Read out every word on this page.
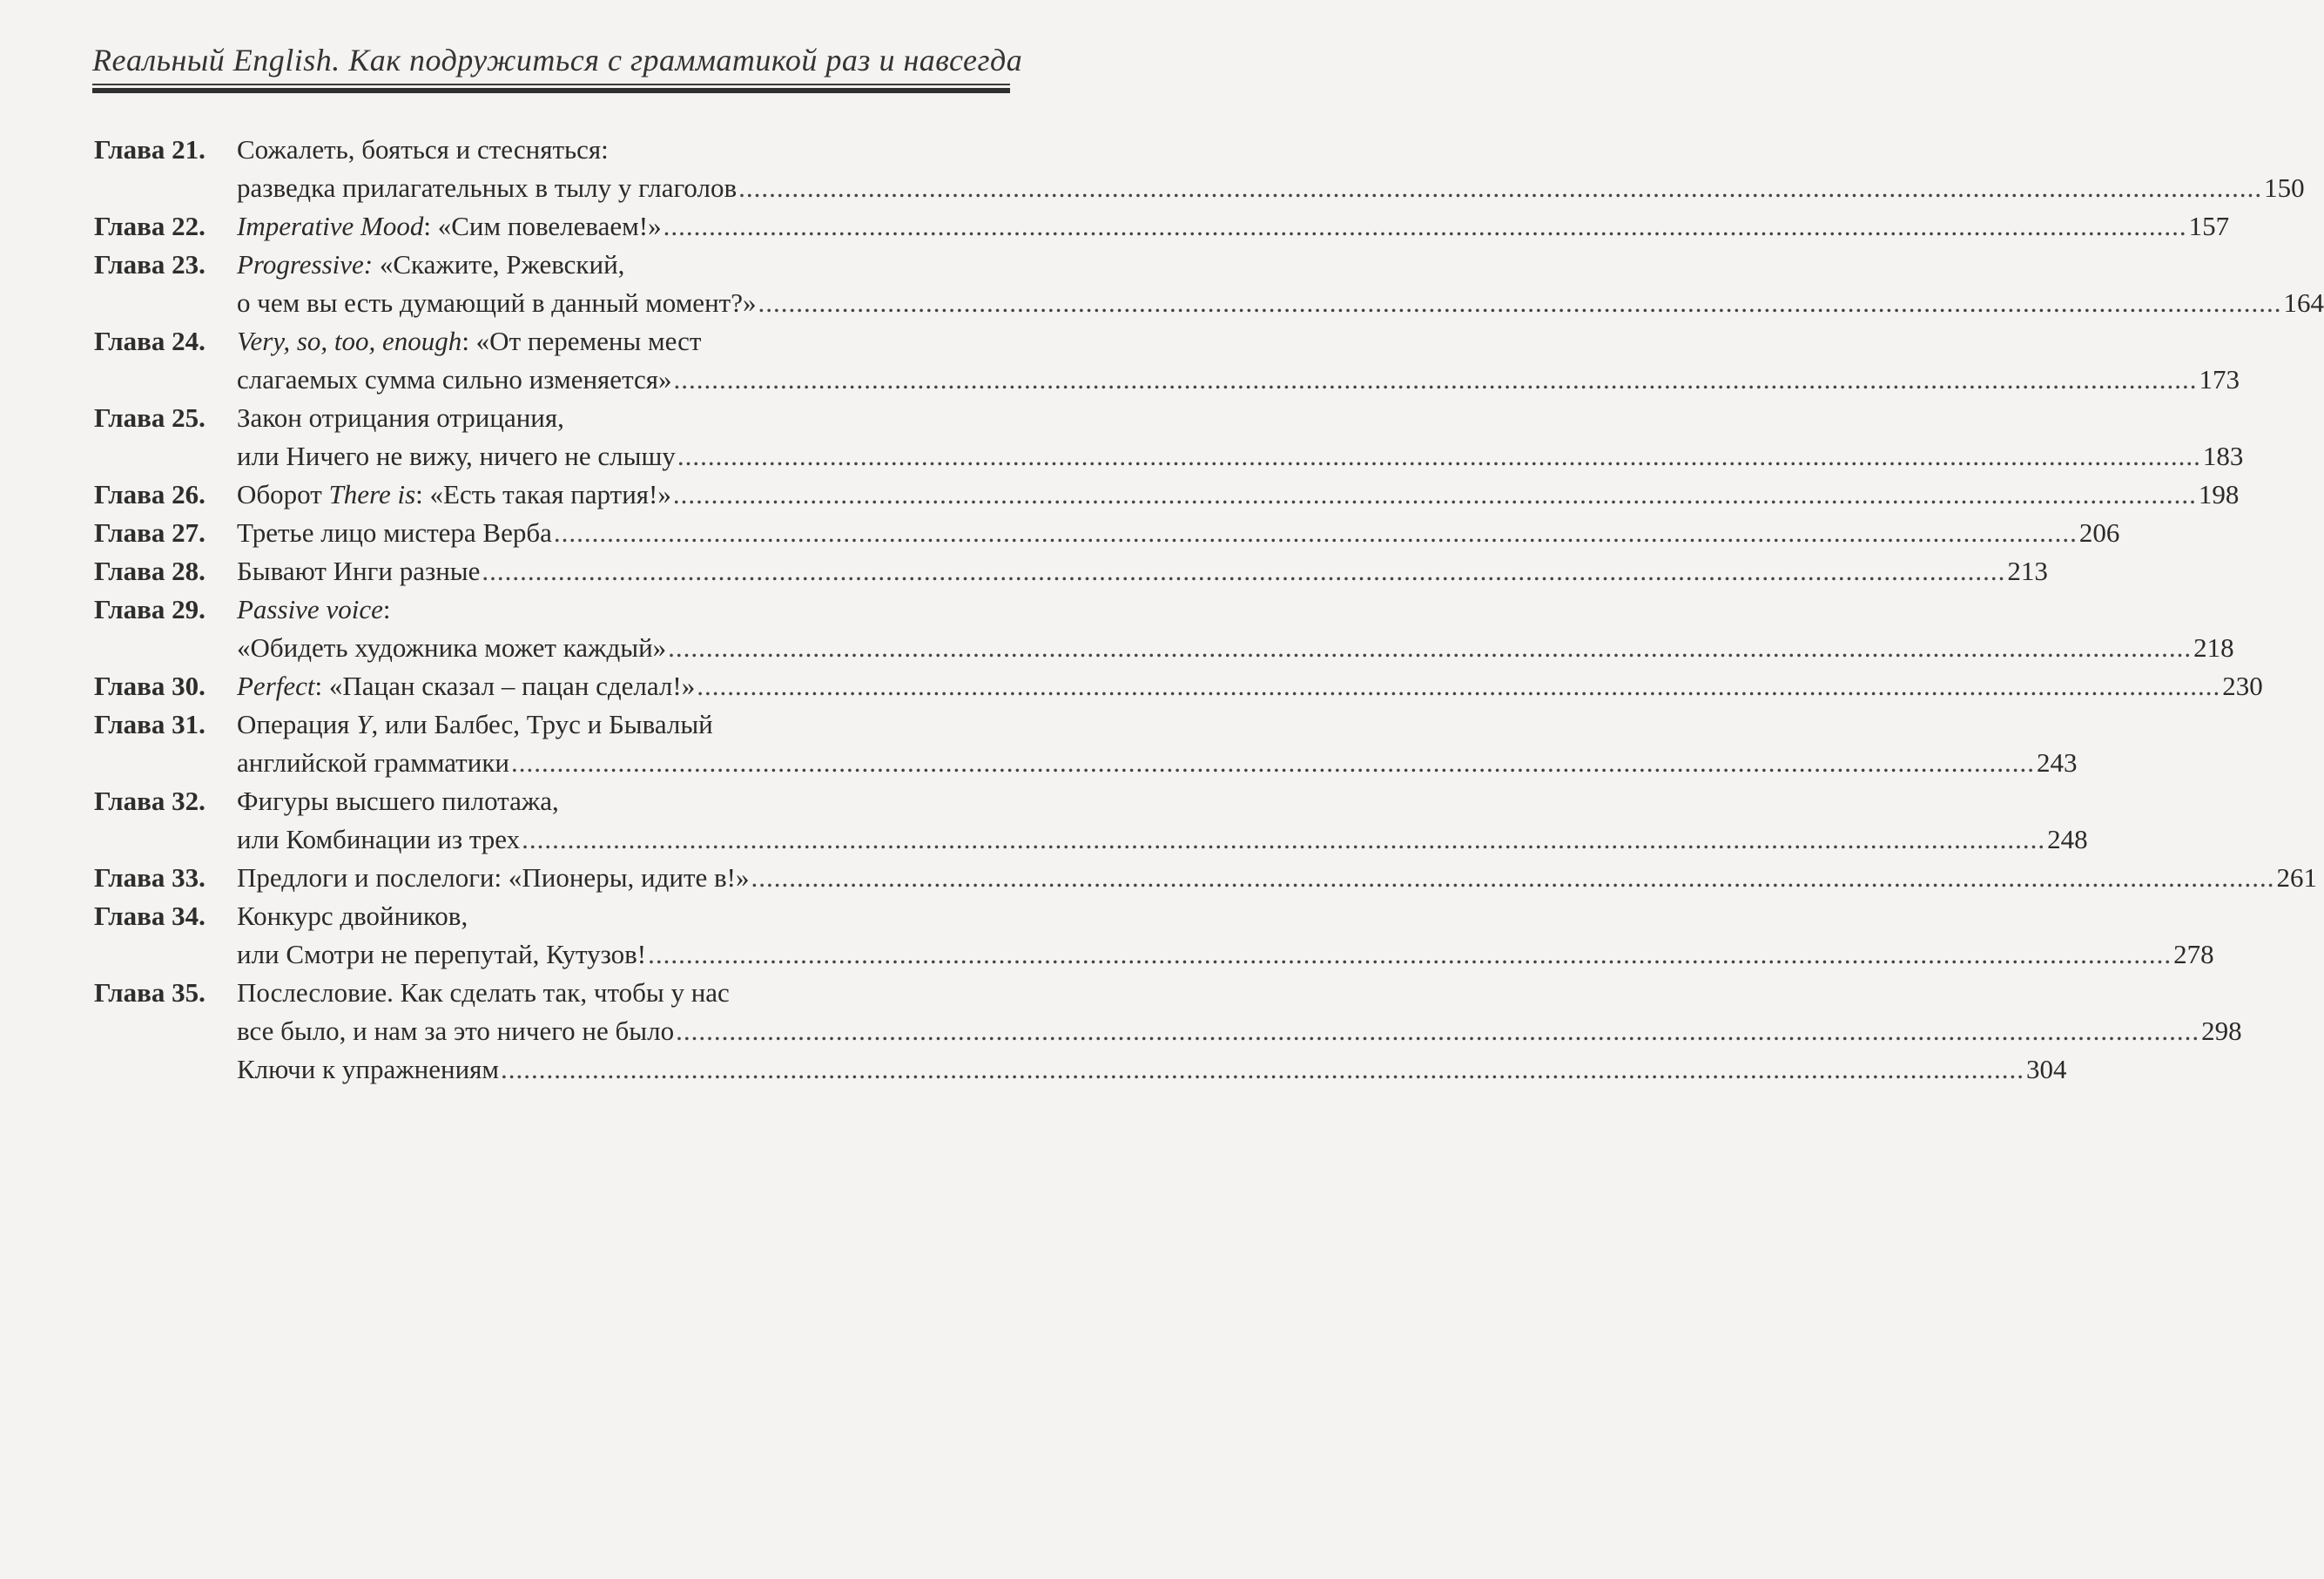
Reaльный English. Как подружиться с грамматикой раз и навсегда
Глава 21.	Сожалеть, бояться и стесняться:
разведка прилагательных в тылу у глаголов ........................................................................................................................................................................................................ 150
Глава 22.	Imperative Mood: «Сим повелеваем!» ........................................................................................................................................................................................................ 157
Глава 23.	Progressive: «Скажите, Ржевский,
о чем вы есть думающий в данный момент?» ........................................................................................................................................................................................................ 164
Глава 24.	Very, so, too, enough: «От перемены мест
слагаемых сумма сильно изменяется» ........................................................................................................................................................................................................ 173
Глава 25.	Закон отрицания отрицания,
или Ничего не вижу, ничего не слышу ........................................................................................................................................................................................................ 183
Глава 26.	Оборот There is: «Есть такая партия!» ........................................................................................................................................................................................................ 198
Глава 27.	Третье лицо мистера Верба ........................................................................................................................................................................................................ 206
Глава 28.	Бывают Инги разные ........................................................................................................................................................................................................ 213
Глава 29.	Passive voice:
«Обидеть художника может каждый» ........................................................................................................................................................................................................ 218
Глава 30.	Perfect: «Пацан сказал – пацан сделал!» ........................................................................................................................................................................................................ 230
Глава 31.	Операция Y, или Балбес, Трус и Бывалый
английской грамматики ........................................................................................................................................................................................................ 243
Глава 32.	Фигуры высшего пилотажа,
или Комбинации из трех ........................................................................................................................................................................................................ 248
Глава 33.	Предлоги и послелоги: «Пионеры, идите в!» ........................................................................................................................................................................................................ 261
Глава 34.	Конкурс двойников,
или Смотри не перепутай, Кутузов! ........................................................................................................................................................................................................ 278
Глава 35.	Послесловие. Как сделать так, чтобы у нас
все было, и нам за это ничего не было ........................................................................................................................................................................................................ 298
Ключи к упражнениям ........................................................................................................................................................................................................ 304
